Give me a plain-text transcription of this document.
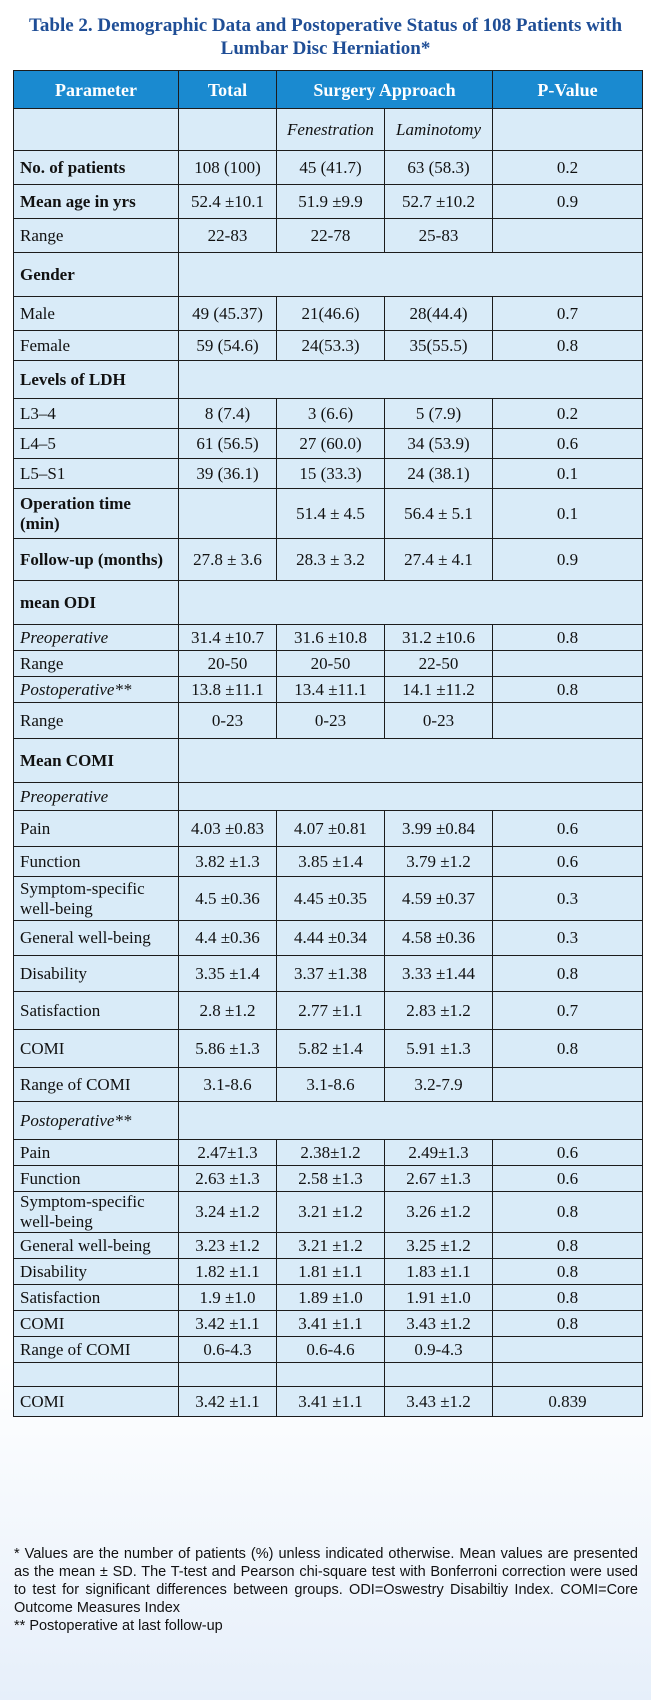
Table 2. Demographic Data and Postoperative Status of 108 Patients with Lumbar Disc Herniation*
Parameter	Total	Surgery Approach		P-Value
		Fenestration	Laminotomy	
No. of patients	108 (100)	45 (41.7)	63 (58.3)	0.2
Mean age in yrs	52.4 ±10.1	51.9 ±9.9	52.7 ±10.2	0.9
Range	22-83	22-78	25-83	
Gender				
Male	49 (45.37)	21(46.6)	28(44.4)	0.7
Female	59 (54.6)	24(53.3)	35(55.5)	0.8
Levels of LDH				
L3–4	8 (7.4)	3 (6.6)	5 (7.9)	0.2
L4–5	61 (56.5)	27 (60.0)	34 (53.9)	0.6
L5–S1	39 (36.1)	15 (33.3)	24 (38.1)	0.1
Operation time (min)		51.4 ± 4.5	56.4 ± 5.1	0.1
Follow-up (months)	27.8 ± 3.6	28.3 ± 3.2	27.4 ± 4.1	0.9
mean ODI				
Preoperative	31.4 ±10.7	31.6 ±10.8	31.2 ±10.6	0.8
Range	20-50	20-50	22-50	
Postoperative**	13.8 ±11.1	13.4 ±11.1	14.1 ±11.2	0.8
Range	0-23	0-23	0-23	
Mean COMI				
Preoperative				
Pain	4.03 ±0.83	4.07 ±0.81	3.99 ±0.84	0.6
Function	3.82 ±1.3	3.85 ±1.4	3.79 ±1.2	0.6
Symptom-specific well-being	4.5 ±0.36	4.45 ±0.35	4.59 ±0.37	0.3
General well-being	4.4 ±0.36	4.44 ±0.34	4.58 ±0.36	0.3
Disability	3.35 ±1.4	3.37 ±1.38	3.33 ±1.44	0.8
Satisfaction	2.8 ±1.2	2.77 ±1.1	2.83 ±1.2	0.7
COMI	5.86 ±1.3	5.82 ±1.4	5.91 ±1.3	0.8
Range of COMI	3.1-8.6	3.1-8.6	3.2-7.9	
Postoperative**				
Pain	2.47±1.3	2.38±1.2	2.49±1.3	0.6
Function	2.63 ±1.3	2.58 ±1.3	2.67 ±1.3	0.6
Symptom-specific well-being	3.24 ±1.2	3.21 ±1.2	3.26 ±1.2	0.8
General well-being	3.23 ±1.2	3.21 ±1.2	3.25 ±1.2	0.8
Disability	1.82 ±1.1	1.81 ±1.1	1.83 ±1.1	0.8
Satisfaction	1.9 ±1.0	1.89 ±1.0	1.91 ±1.0	0.8
COMI	3.42 ±1.1	3.41 ±1.1	3.43 ±1.2	0.8
Range of COMI	0.6-4.3	0.6-4.6	0.9-4.3	

COMI	3.42 ±1.1	3.41 ±1.1	3.43 ±1.2	0.839

* Values are the number of patients (%) unless indicated otherwise. Mean values are presented as the mean ± SD. The T-test and Pearson chi-square test with Bonferroni correction were used to test for significant differences between groups. ODI=Oswestry Disabiltiy Index. COMI=Core Outcome Measures Index

** Postoperative at last follow-up
